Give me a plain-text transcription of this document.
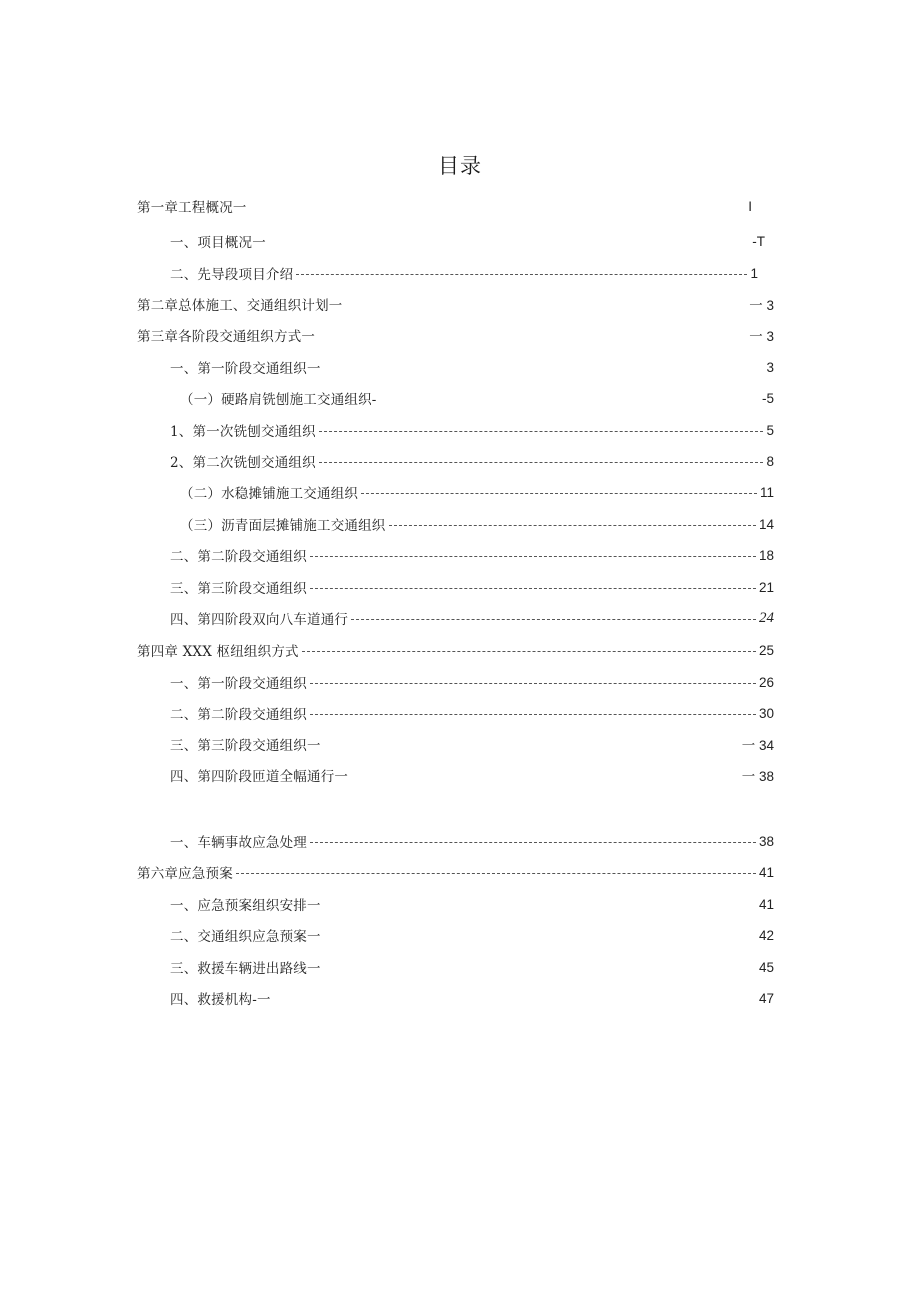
目录
第一章工程概况一	I
一、项目概况一	-T
二、先导段项目介绍	1
第二章总体施工、交通组织计划一	一 3
第三章各阶段交通组织方式一	一 3
一、第一阶段交通组织一	3
（一）硬路肩铣刨施工交通组织-	-5
1、第一次铣刨交通组织	5
2、第二次铣刨交通组织	8
（二）水稳摊铺施工交通组织	11
（三）沥青面层摊铺施工交通组织	14
二、第二阶段交通组织	18
三、第三阶段交通组织	21
四、第四阶段双向八车道通行	24
第四章 XXX 枢纽组织方式	25
一、第一阶段交通组织	26
二、第二阶段交通组织	30
三、第三阶段交通组织一	一 34
四、第四阶段匝道全幅通行一	一 38
一、车辆事故应急处理	38
第六章应急预案	41
一、应急预案组织安排一	41
二、交通组织应急预案一	42
三、救援车辆进出路线一	45
四、救援机构-一	47
